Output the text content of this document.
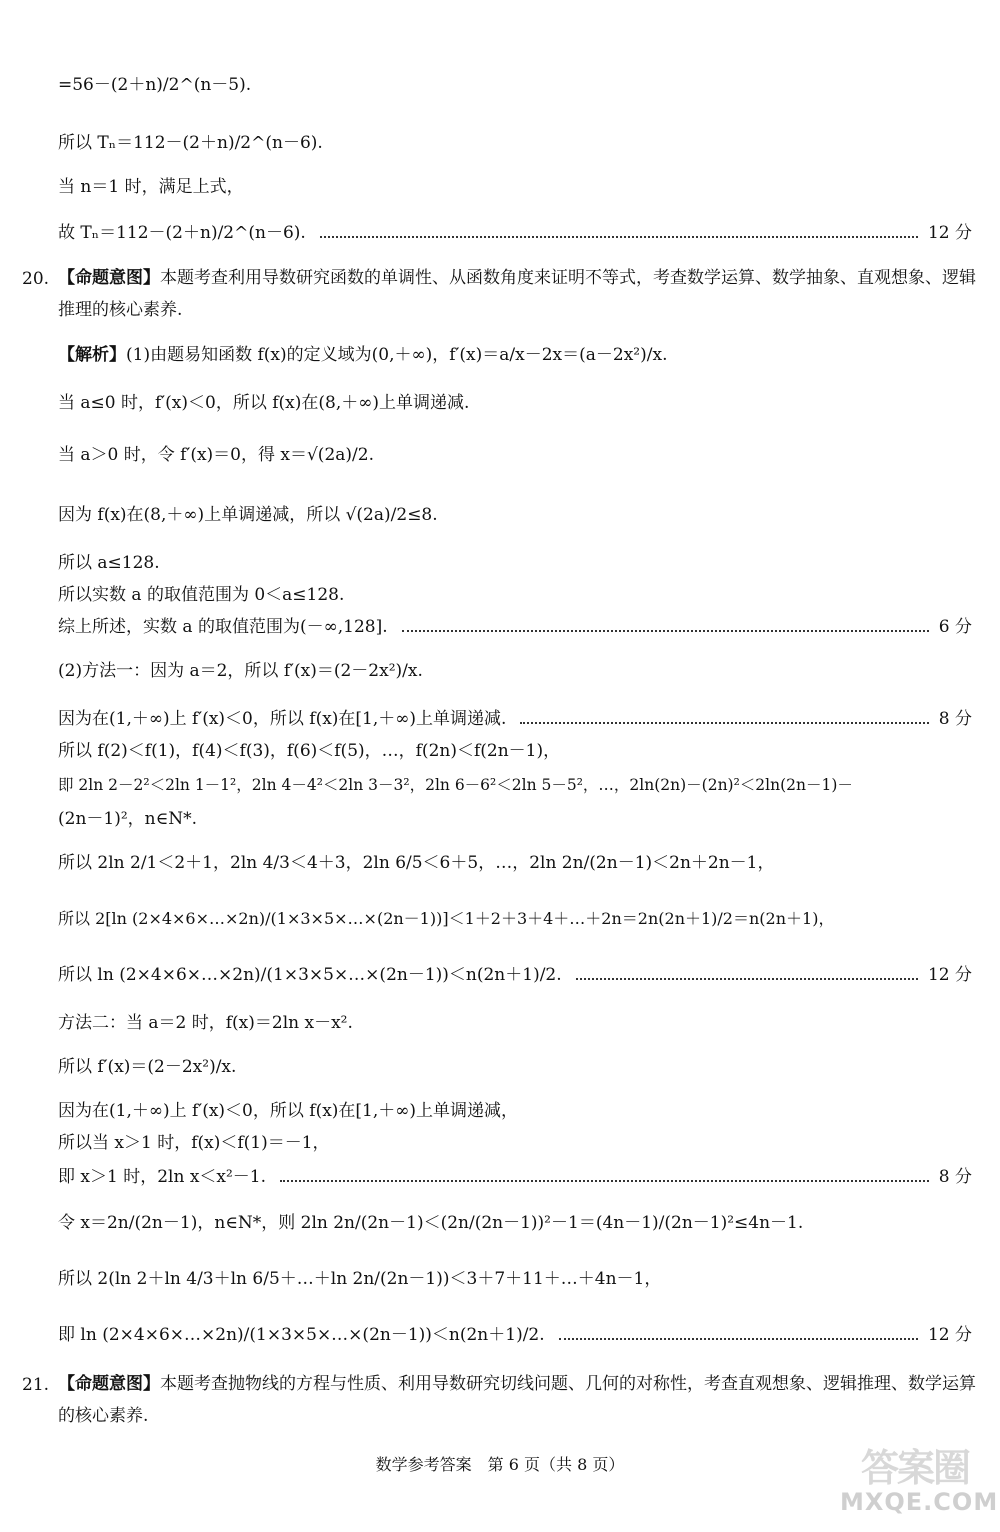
=56－(2＋n)/2^(n－5).
所以 Tₙ＝112－(2＋n)/2^(n－6).
当 n＝1 时，满足上式，
故 Tₙ＝112－(2＋n)/2^(n－6).	12 分
20. 【命题意图】本题考查利用导数研究函数的单调性、从函数角度来证明不等式，考查数学运算、数学抽象、直观想象、逻辑推理的核心素养.
【解析】(1)由题易知函数 f(x)的定义域为(0,＋∞)，f′(x)＝a/x－2x＝(a－2x²)/x.
当 a≤0 时，f′(x)＜0，所以 f(x)在(8,＋∞)上单调递减.
当 a＞0 时，令 f′(x)＝0，得 x＝√(2a)/2.
因为 f(x)在(8,＋∞)上单调递减，所以 √(2a)/2≤8.
所以 a≤128.
所以实数 a 的取值范围为 0＜a≤128.
综上所述，实数 a 的取值范围为(－∞,128].	6 分
(2)方法一：因为 a＝2，所以 f′(x)＝(2－2x²)/x.
因为在(1,＋∞)上 f′(x)＜0，所以 f(x)在[1,＋∞)上单调递减.	8 分
所以 f(2)＜f(1)，f(4)＜f(3)，f(6)＜f(5)，…，f(2n)＜f(2n－1)，
即 2ln 2－2²＜2ln 1－1²，2ln 4－4²＜2ln 3－3²，2ln 6－6²＜2ln 5－5²，…，2ln(2n)－(2n)²＜2ln(2n－1)－
(2n－1)²，n∈N*.
所以 2ln 2/1＜2＋1，2ln 4/3＜4＋3，2ln 6/5＜6＋5，…，2ln 2n/(2n－1)＜2n＋2n－1，
所以 2[ln (2×4×6×…×2n)/(1×3×5×…×(2n－1))]＜1＋2＋3＋4＋…＋2n＝2n(2n＋1)/2＝n(2n＋1)，
所以 ln (2×4×6×…×2n)/(1×3×5×…×(2n－1))＜n(2n＋1)/2.	12 分
方法二：当 a＝2 时，f(x)＝2ln x－x².
所以 f′(x)＝(2－2x²)/x.
因为在(1,＋∞)上 f′(x)＜0，所以 f(x)在[1,＋∞)上单调递减，
所以当 x＞1 时，f(x)＜f(1)＝－1，
即 x＞1 时，2ln x＜x²－1.	8 分
令 x＝2n/(2n－1)，n∈N*，则 2ln 2n/(2n－1)＜(2n/(2n－1))²－1＝(4n－1)/(2n－1)²≤4n－1.
所以 2(ln 2＋ln 4/3＋ln 6/5＋…＋ln 2n/(2n－1))＜3＋7＋11＋…＋4n－1，
即 ln (2×4×6×…×2n)/(1×3×5×…×(2n－1))＜n(2n＋1)/2.	12 分
21. 【命题意图】本题考查抛物线的方程与性质、利用导数研究切线问题、几何的对称性，考查直观想象、逻辑推理、数学运算的核心素养.
数学参考答案　第 6 页（共 8 页）	答案圈
MXQE.COM
